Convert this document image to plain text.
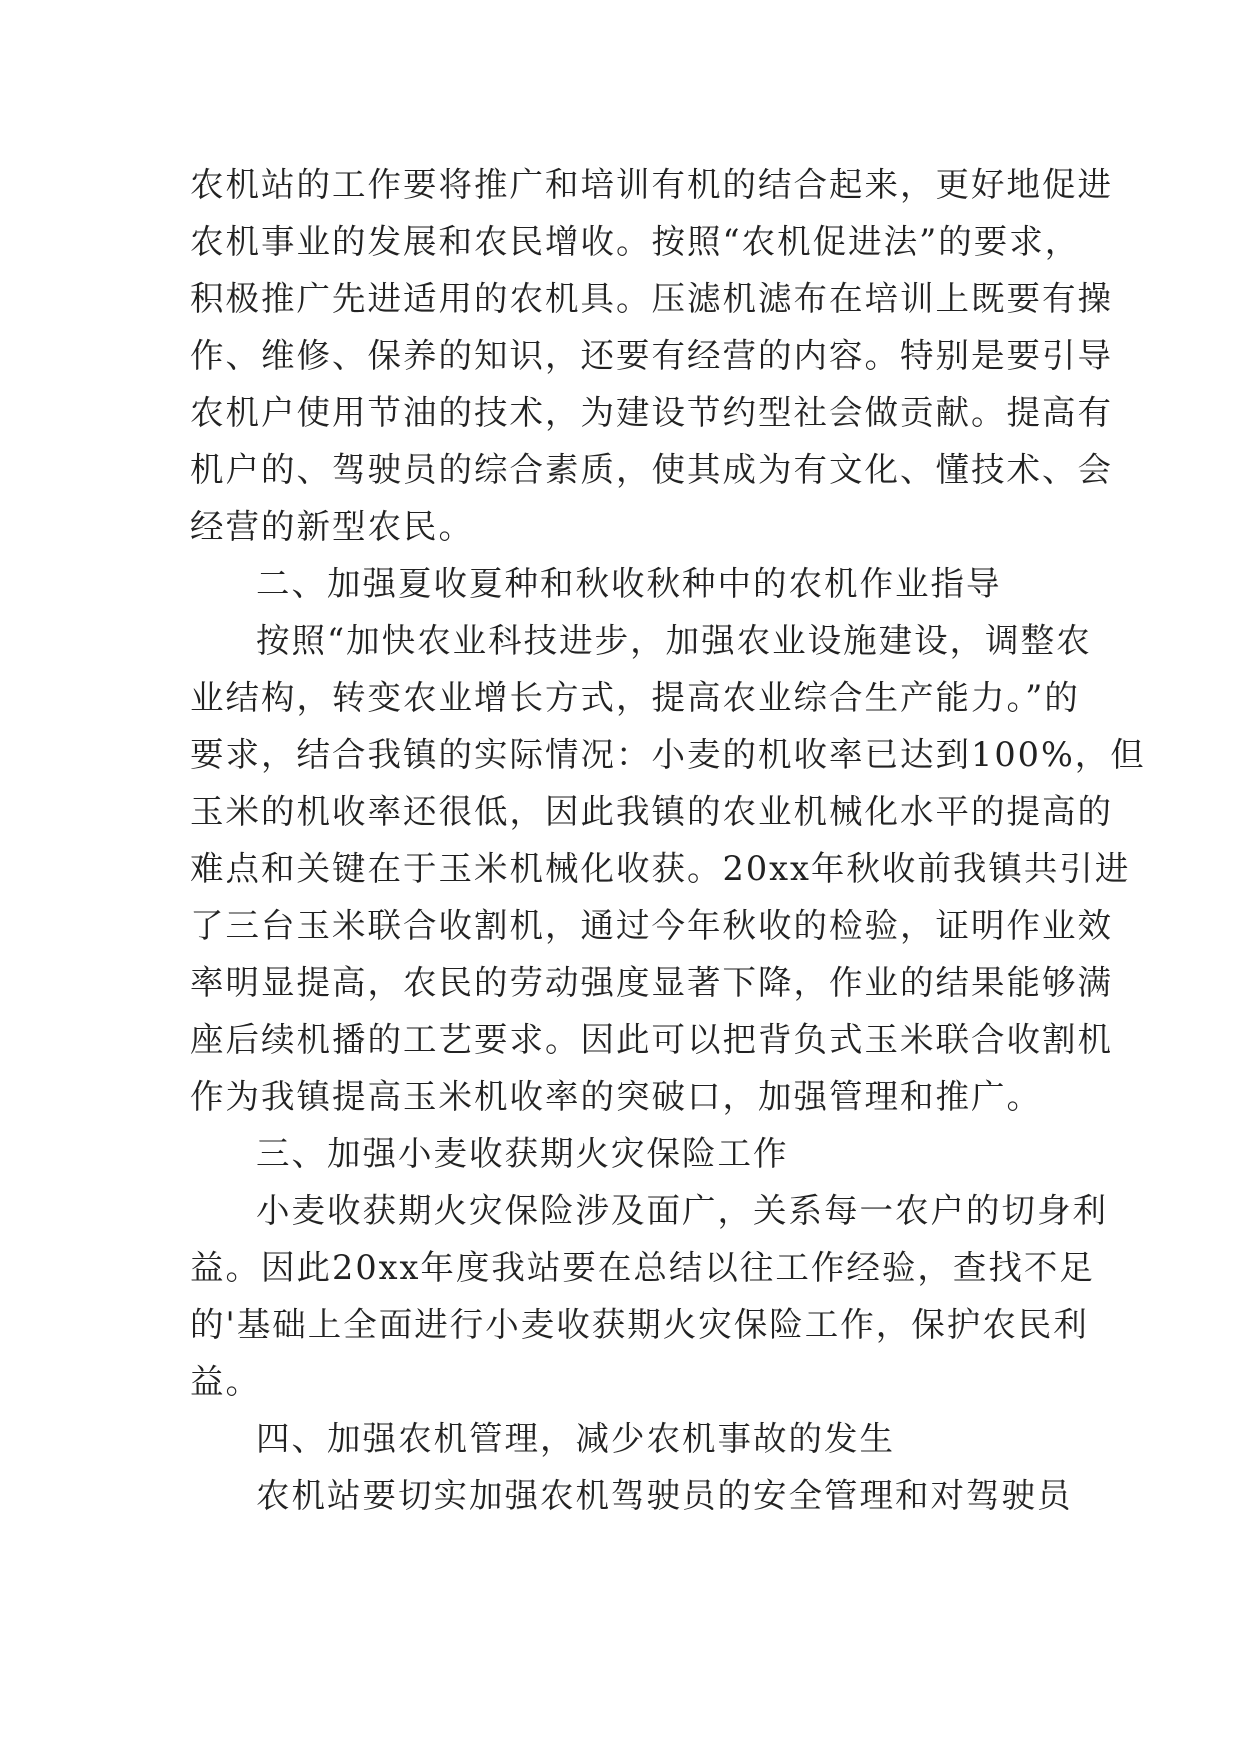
农机站的工作要将推广和培训有机的结合起来，更好地促进
农机事业的发展和农民增收。按照“农机促进法”的要求，
积极推广先进适用的农机具。压滤机滤布在培训上既要有操
作、维修、保养的知识，还要有经营的内容。特别是要引导
农机户使用节油的技术，为建设节约型社会做贡献。提高有
机户的、驾驶员的综合素质，使其成为有文化、懂技术、会
经营的新型农民。
二、加强夏收夏种和秋收秋种中的农机作业指导
按照“加快农业科技进步，加强农业设施建设，调整农
业结构，转变农业增长方式，提高农业综合生产能力。”的
要求，结合我镇的实际情况：小麦的机收率已达到100%，但
玉米的机收率还很低，因此我镇的农业机械化水平的提高的
难点和关键在于玉米机械化收获。20xx年秋收前我镇共引进
了三台玉米联合收割机，通过今年秋收的检验，证明作业效
率明显提高，农民的劳动强度显著下降，作业的结果能够满
座后续机播的工艺要求。因此可以把背负式玉米联合收割机
作为我镇提高玉米机收率的突破口，加强管理和推广。
三、加强小麦收获期火灾保险工作
小麦收获期火灾保险涉及面广，关系每一农户的切身利
益。因此20xx年度我站要在总结以往工作经验，查找不足
的'基础上全面进行小麦收获期火灾保险工作，保护农民利
益。
四、加强农机管理，减少农机事故的发生
农机站要切实加强农机驾驶员的安全管理和对驾驶员
